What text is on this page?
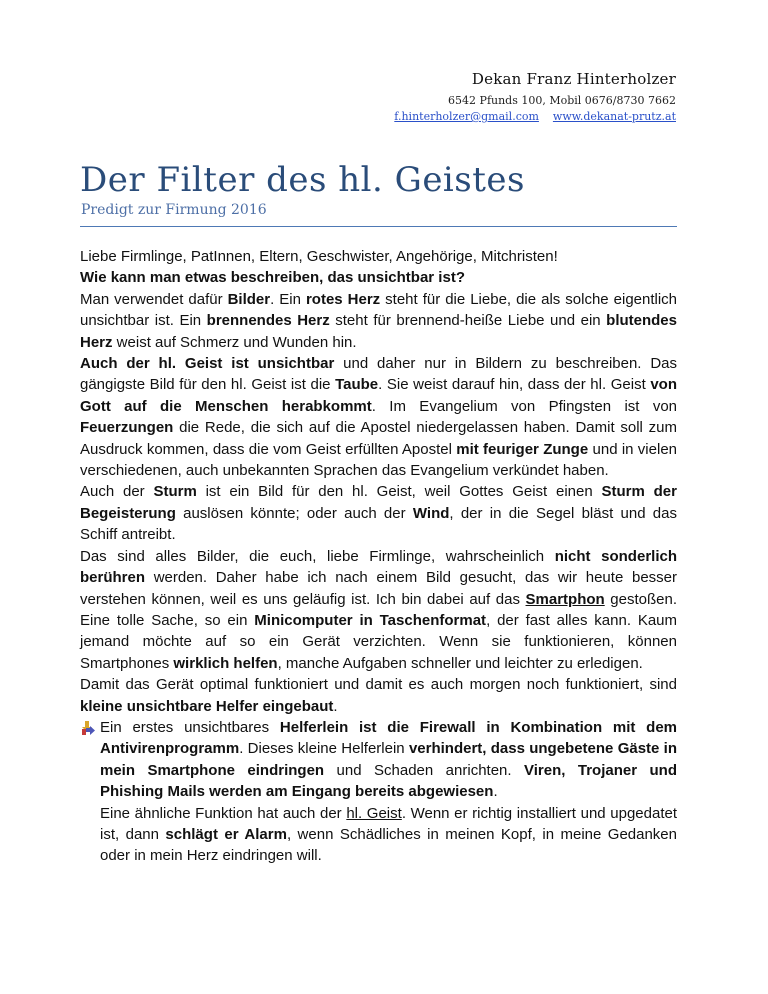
Dekan Franz Hinterholzer
6542 Pfunds 100, Mobil 0676/8730 7662
f.hinterholzer@gmail.com www.dekanat-prutz.at
Der Filter des hl. Geistes
Predigt zur Firmung 2016

Liebe Firmlinge, PatInnen, Eltern, Geschwister, Angehörige, Mitchristen!

Wie kann man etwas beschreiben, das unsichtbar ist?

Man verwendet dafür Bilder. Ein rotes Herz steht für die Liebe, die als solche eigentlich unsichtbar ist. Ein brennendes Herz steht für brennend-heiße Liebe und ein blutendes Herz weist auf Schmerz und Wunden hin.

Auch der hl. Geist ist unsichtbar und daher nur in Bildern zu beschreiben. Das gängigste Bild für den hl. Geist ist die Taube. Sie weist darauf hin, dass der hl. Geist von Gott auf die Menschen herabkommt. Im Evangelium von Pfingsten ist von Feuerzungen die Rede, die sich auf die Apostel niedergelassen haben. Damit soll zum Ausdruck kommen, dass die vom Geist erfüllten Apostel mit feuriger Zunge und in vielen verschiedenen, auch unbekannten Sprachen das Evangelium verkündet haben.

Auch der Sturm ist ein Bild für den hl. Geist, weil Gottes Geist einen Sturm der Begeisterung auslösen könnte; oder auch der Wind, der in die Segel bläst und das Schiff antreibt.

Das sind alles Bilder, die euch, liebe Firmlinge, wahrscheinlich nicht sonderlich berühren werden. Daher habe ich nach einem Bild gesucht, das wir heute besser verstehen können, weil es uns geläufig ist. Ich bin dabei auf das Smartphon gestoßen. Eine tolle Sache, so ein Minicomputer in Taschenformat, der fast alles kann. Kaum jemand möchte auf so ein Gerät verzichten. Wenn sie funktionieren, können Smartphones wirklich helfen, manche Aufgaben schneller und leichter zu erledigen.

Damit das Gerät optimal funktioniert und damit es auch morgen noch funktioniert, sind kleine unsichtbare Helfer eingebaut.

Ein erstes unsichtbares Helferlein ist die Firewall in Kombination mit dem Antivirenprogramm. Dieses kleine Helferlein verhindert, dass ungebetene Gäste in mein Smartphone eindringen und Schaden anrichten. Viren, Trojaner und Phishing Mails werden am Eingang bereits abgewiesen.

Eine ähnliche Funktion hat auch der hl. Geist. Wenn er richtig installiert und upgedatet ist, dann schlägt er Alarm, wenn Schädliches in meinen Kopf, in meine Gedanken oder in mein Herz eindringen will.
